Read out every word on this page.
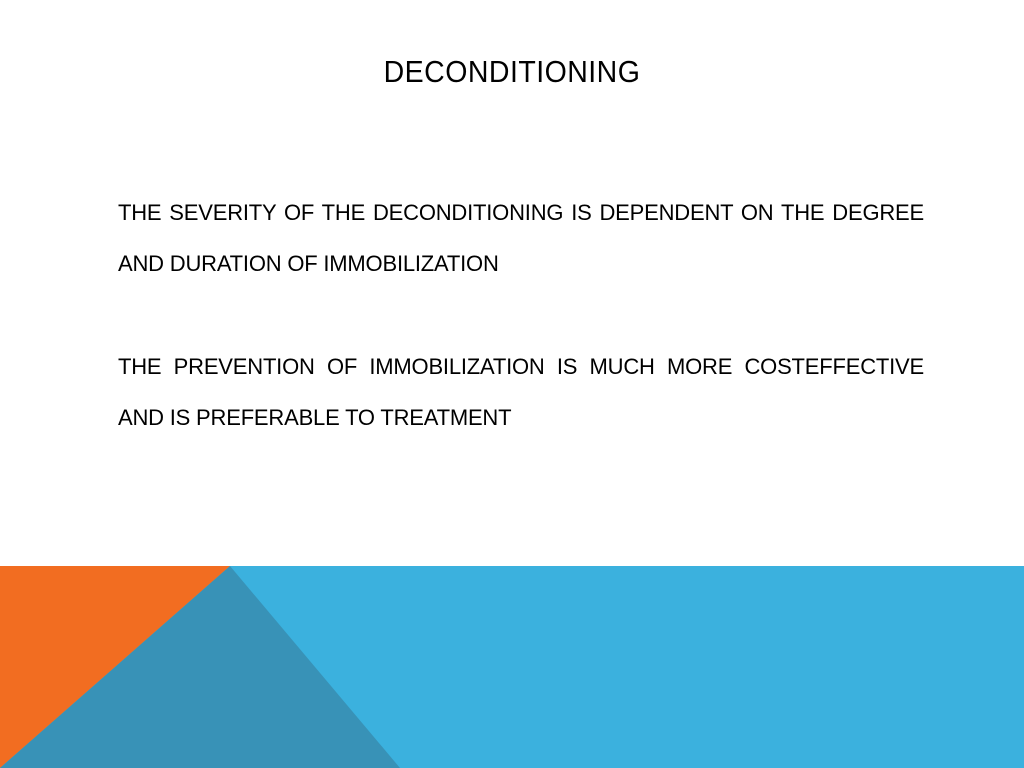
DECONDITIONING

THE SEVERITY OF THE DECONDITIONING IS DEPENDENT ON THE DEGREE AND DURATION OF IMMOBILIZATION

THE PREVENTION OF IMMOBILIZATION IS MUCH MORE COSTEFFECTIVE AND IS PREFERABLE TO TREATMENT
